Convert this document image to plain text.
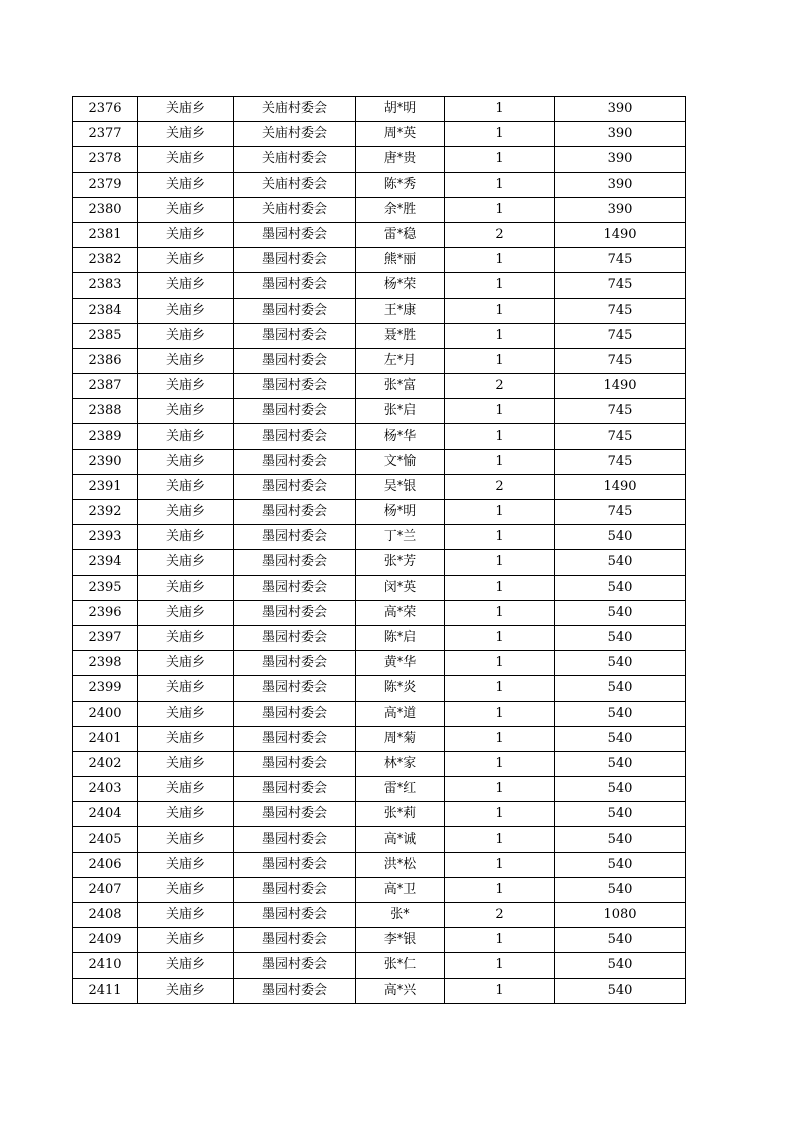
2376	关庙乡	关庙村委会	胡*明	1	390
2377	关庙乡	关庙村委会	周*英	1	390
2378	关庙乡	关庙村委会	唐*贵	1	390
2379	关庙乡	关庙村委会	陈*秀	1	390
2380	关庙乡	关庙村委会	余*胜	1	390
2381	关庙乡	墨园村委会	雷*稳	2	1490
2382	关庙乡	墨园村委会	熊*丽	1	745
2383	关庙乡	墨园村委会	杨*荣	1	745
2384	关庙乡	墨园村委会	王*康	1	745
2385	关庙乡	墨园村委会	聂*胜	1	745
2386	关庙乡	墨园村委会	左*月	1	745
2387	关庙乡	墨园村委会	张*富	2	1490
2388	关庙乡	墨园村委会	张*启	1	745
2389	关庙乡	墨园村委会	杨*华	1	745
2390	关庙乡	墨园村委会	文*愉	1	745
2391	关庙乡	墨园村委会	吴*银	2	1490
2392	关庙乡	墨园村委会	杨*明	1	745
2393	关庙乡	墨园村委会	丁*兰	1	540
2394	关庙乡	墨园村委会	张*芳	1	540
2395	关庙乡	墨园村委会	闵*英	1	540
2396	关庙乡	墨园村委会	高*荣	1	540
2397	关庙乡	墨园村委会	陈*启	1	540
2398	关庙乡	墨园村委会	黄*华	1	540
2399	关庙乡	墨园村委会	陈*炎	1	540
2400	关庙乡	墨园村委会	高*道	1	540
2401	关庙乡	墨园村委会	周*菊	1	540
2402	关庙乡	墨园村委会	林*家	1	540
2403	关庙乡	墨园村委会	雷*红	1	540
2404	关庙乡	墨园村委会	张*莉	1	540
2405	关庙乡	墨园村委会	高*诚	1	540
2406	关庙乡	墨园村委会	洪*松	1	540
2407	关庙乡	墨园村委会	高*卫	1	540
2408	关庙乡	墨园村委会	张*	2	1080
2409	关庙乡	墨园村委会	李*银	1	540
2410	关庙乡	墨园村委会	张*仁	1	540
2411	关庙乡	墨园村委会	高*兴	1	540
